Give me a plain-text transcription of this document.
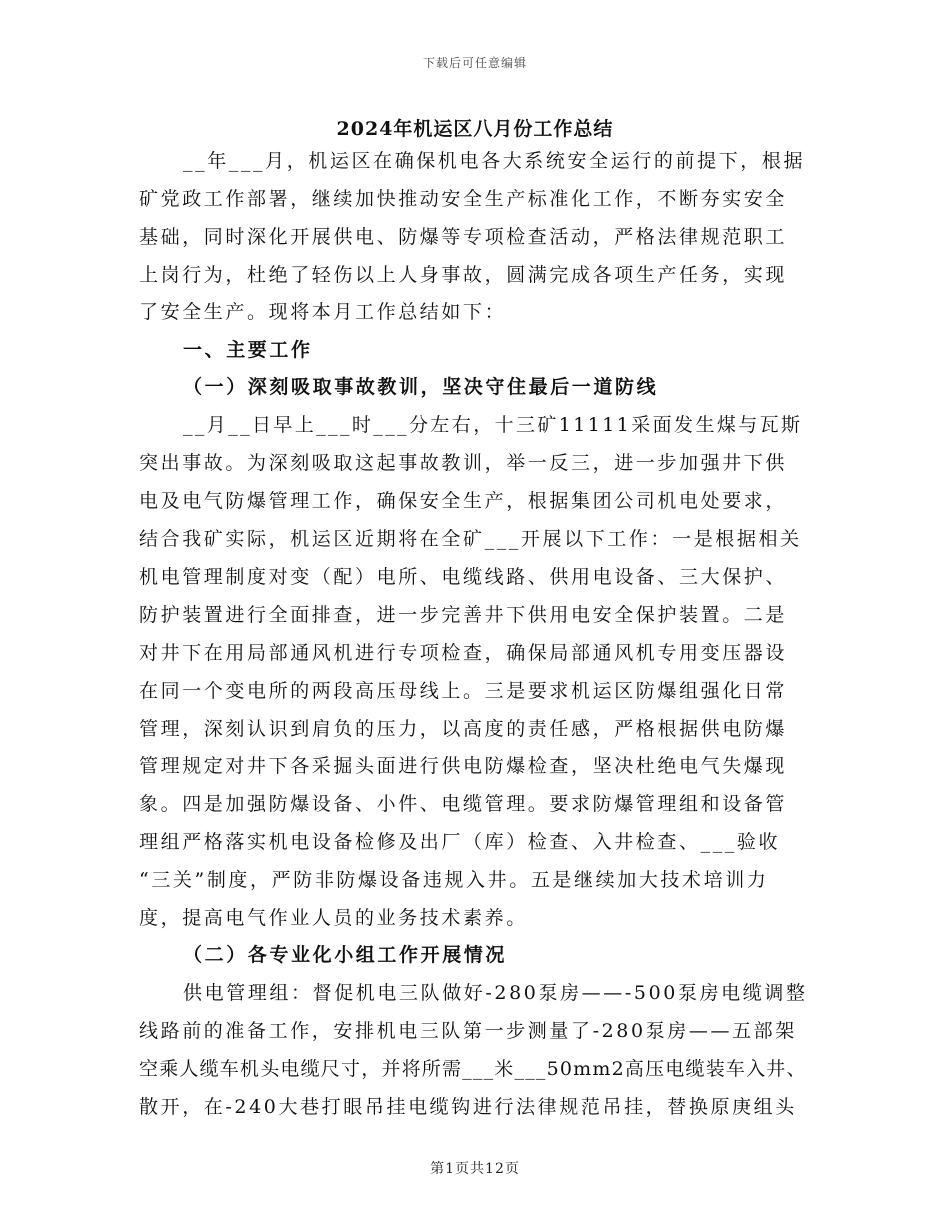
下载后可任意编辑
2024年机运区八月份工作总结
__年___月，机运区在确保机电各大系统安全运行的前提下，根据
矿党政工作部署，继续加快推动安全生产标准化工作，不断夯实安全
基础，同时深化开展供电、防爆等专项检查活动，严格法律规范职工
上岗行为，杜绝了轻伤以上人身事故，圆满完成各项生产任务，实现
了安全生产。现将本月工作总结如下：
一、主要工作
（一）深刻吸取事故教训，坚决守住最后一道防线
__月__日早上___时___分左右，十三矿11111采面发生煤与瓦斯
突出事故。为深刻吸取这起事故教训，举一反三，进一步加强井下供
电及电气防爆管理工作，确保安全生产，根据集团公司机电处要求，
结合我矿实际，机运区近期将在全矿___开展以下工作：一是根据相关
机电管理制度对变（配）电所、电缆线路、供用电设备、三大保护、
防护装置进行全面排查，进一步完善井下供用电安全保护装置。二是
对井下在用局部通风机进行专项检查，确保局部通风机专用变压器设
在同一个变电所的两段高压母线上。三是要求机运区防爆组强化日常
管理，深刻认识到肩负的压力，以高度的责任感，严格根据供电防爆
管理规定对井下各采掘头面进行供电防爆检查，坚决杜绝电气失爆现
象。四是加强防爆设备、小件、电缆管理。要求防爆管理组和设备管
理组严格落实机电设备检修及出厂（库）检查、入井检查、___验收
“三关”制度，严防非防爆设备违规入井。五是继续加大技术培训力
度，提高电气作业人员的业务技术素养。
（二）各专业化小组工作开展情况
供电管理组：督促机电三队做好-280泵房——-500泵房电缆调整
线路前的准备工作，安排机电三队第一步测量了-280泵房——五部架
空乘人缆车机头电缆尺寸，并将所需___米___50mm2高压电缆装车入井、
散开，在-240大巷打眼吊挂电缆钩进行法律规范吊挂，替换原庚组头
第1页共12页
